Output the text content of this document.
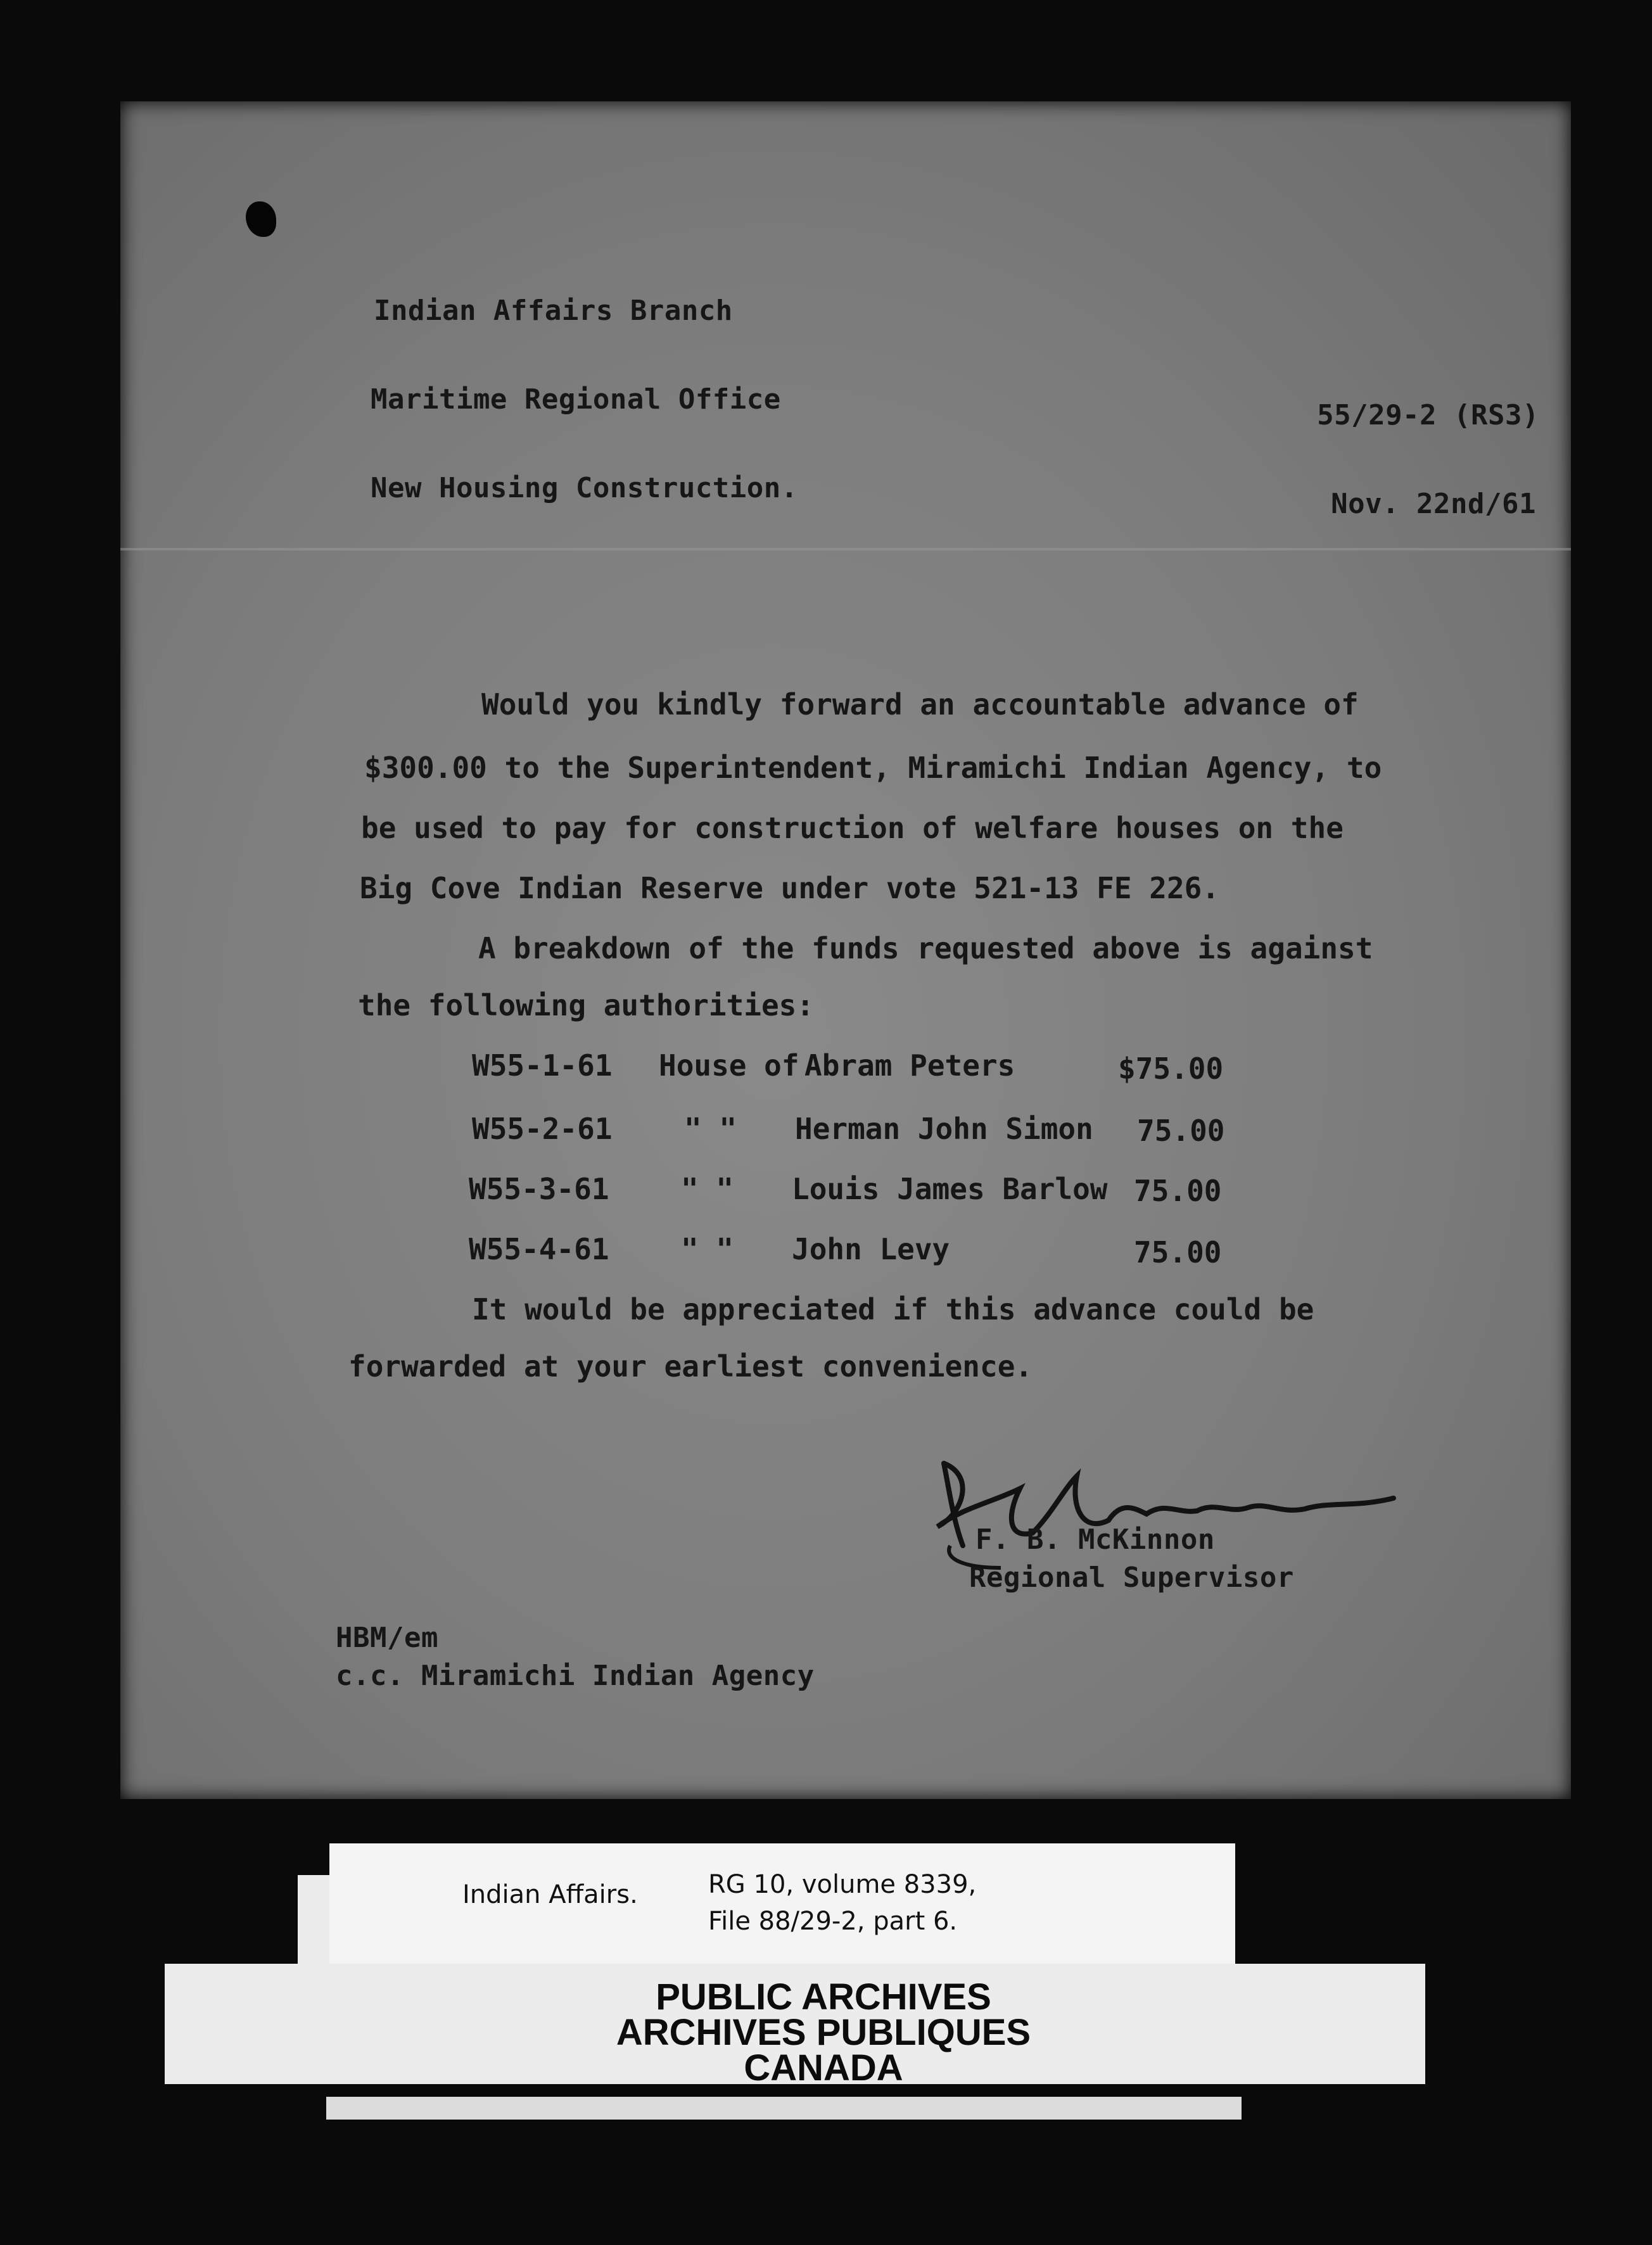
Indian Affairs Branch
Maritime Regional Office
New Housing Construction.
55/29-2 (RS3)
Nov. 22nd/61
Would you kindly forward an accountable advance of
$300.00 to the Superintendent, Miramichi Indian Agency, to
be used to pay for construction of welfare houses on the
Big Cove Indian Reserve under vote 521-13 FE 226.
A breakdown of the funds requested above is against
the following authorities:
W55-1-61 House of Abram Peters	$75.00
W55-2-61 " " Herman John Simon 75.00
W55-3-61 " " Louis James Barlow 75.00
W55-4-61 " " John Levy	75.00
It would be appreciated if this advance could be
forwarded at your earliest convenience.
F. B. McKinnon
Regional Supervisor
HBM/em
c.c. Miramichi Indian Agency
Indian Affairs.	RG 10, volume 8339,
File 88/29-2, part 6.
PUBLIC ARCHIVES
ARCHIVES PUBLIQUES
CANADA
